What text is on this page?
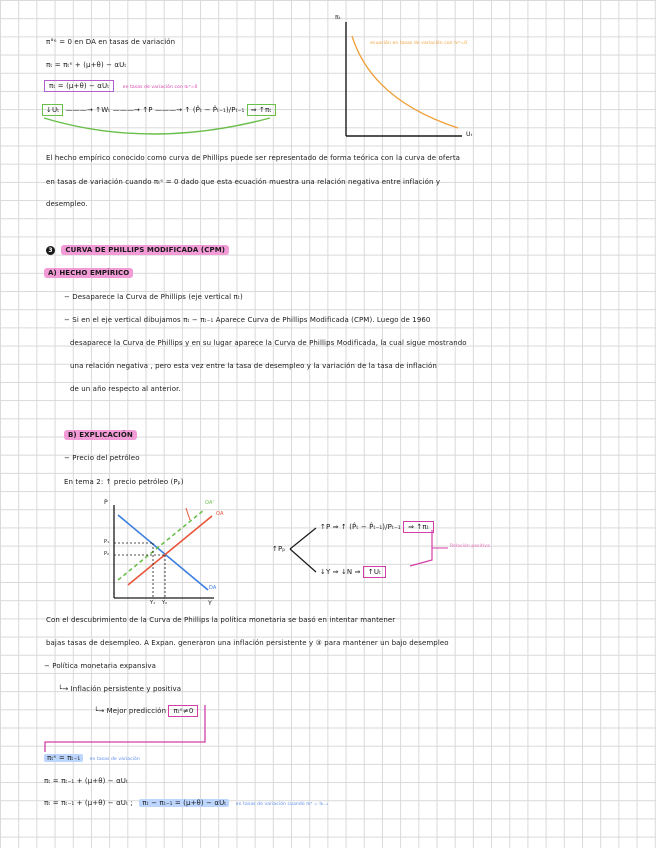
π°ᵉ = 0 en DA en tasas de variación
πₜ = πₜᵉ + (μ+θ) − αUₜ
πₜ = (μ+θ) − αUₜ	en tasas de variación con πₜᵉ=0
↓Uₜ ———→ ↑Wₜ ———→ ↑P ———→ ↑ (P̂ₜ − P̂ₜ₋₁)/Pₜ₋₁ ⇒ ↑πₜ
πₜ
Uₜ
ecuación en tasas de variación con πₜᵉ=0
El hecho empírico conocido como curva de Phillips puede ser representado de forma teórica con la curva de oferta
en tasas de variación cuando πₜᵉ = 0 dado que esta ecuación muestra una relación negativa entre inflación y
desempleo.
3 CURVA DE PHILLIPS MODIFICADA (CPM)
A) HECHO EMPÍRICO
− Desaparece la Curva de Phillips (eje vertical πₜ)
− Si en el eje vertical dibujamos πₜ − πₜ₋₁ Aparece Curva de Phillips Modificada (CPM). Luego de 1960
desaparece la Curva de Phillips y en su lugar aparece la Curva de Phillips Modificada, la cual sigue mostrando
una relación negativa , pero esta vez entre la tasa de desempleo y la variación de la tasa de inflación
de un año respecto al anterior.
B) EXPLICACIÓN
− Precio del petróleo
En tema 2: ↑ precio petróleo (Pₚ)
P
Y
OA'
OA
DA
P₁
P₀
Y₁ Y₀
↑Pₚ
↑P ⇒ ↑ (P̂ₜ − P̂ₜ₋₁)/Pₜ₋₁ ⇒ ↑πₜ
↓Y ⇒ ↓N ⇒ ↑Uₜ
Relación positiva
Con el descubrimiento de la Curva de Phillips la política monetaria se basó en intentar mantener
bajas tasas de desempleo. A Expan. generaron una inflación persistente y ③ para mantener un bajo desempleo
− Política monetaria expansiva
└→ Inflación persistente y positiva
└→ Mejor predicción πₜᵉ≠0
πₜᵉ = πₜ₋₁ en tasas de variación
πₜ = πₜ₋₁ + (μ+θ) − αUₜ
πₜ = πₜ₋₁ + (μ+θ) − αUₜ ; πₜ − πₜ₋₁ = (μ+θ) − αUₜ en tasas de variación cuando πₜᵉ = πₜ₋₁
